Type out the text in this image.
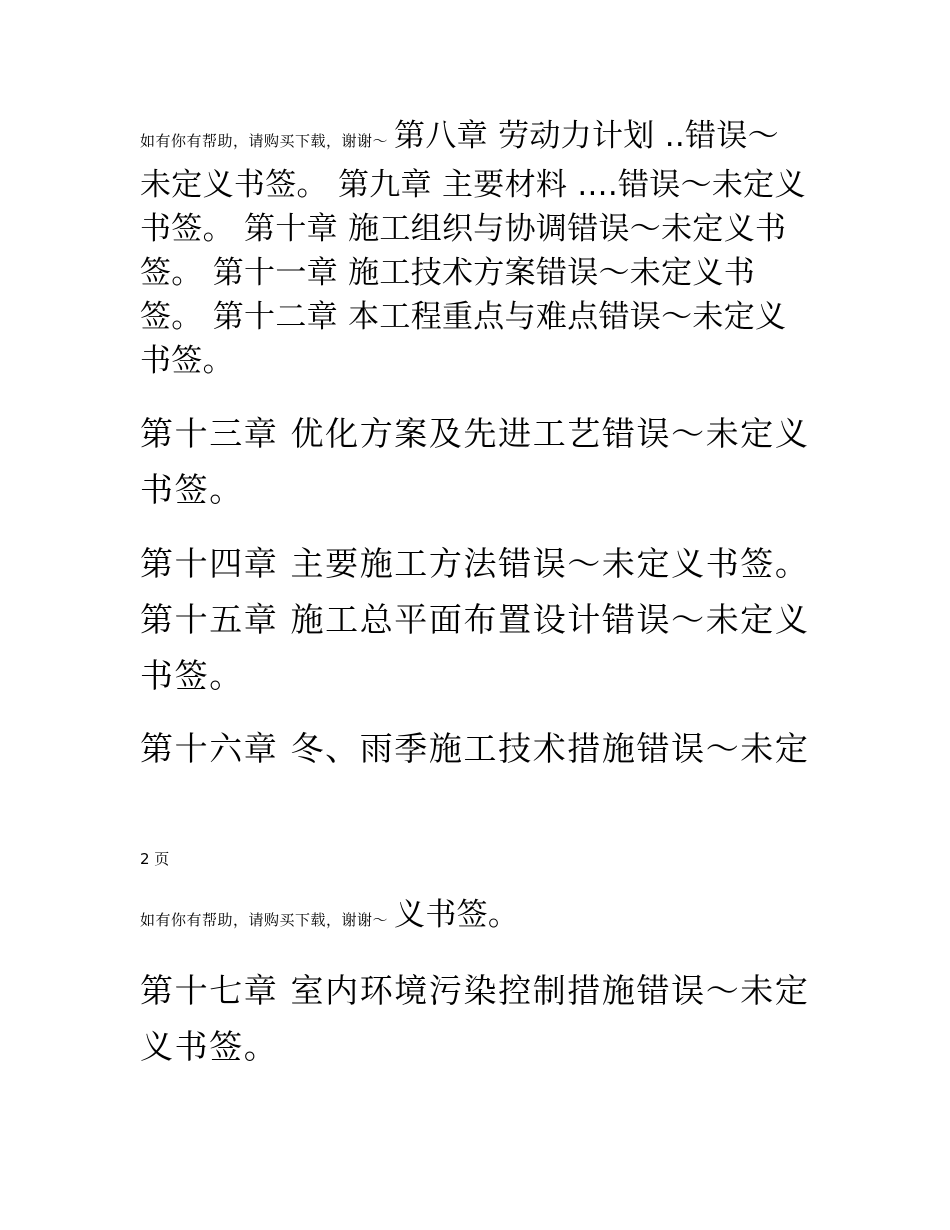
如有你有帮助，请购买下载，谢谢～ 第八章 劳动力计划 ..错误～未定义书签。 第九章 主要材料 ....错误～未定义书签。 第十章 施工组织与协调错误～未定义书签。 第十一章 施工技术方案错误～未定义书签。 第十二章 本工程重点与难点错误～未定义书签。

第十三章 优化方案及先进工艺错误～未定义书签。

第十四章 主要施工方法错误～未定义书签。 第十五章 施工总平面布置设计错误～未定义书签。

第十六章 冬、雨季施工技术措施错误～未定

2 页

如有你有帮助，请购买下载，谢谢～ 义书签。

第十七章 室内环境污染控制措施错误～未定义书签。
